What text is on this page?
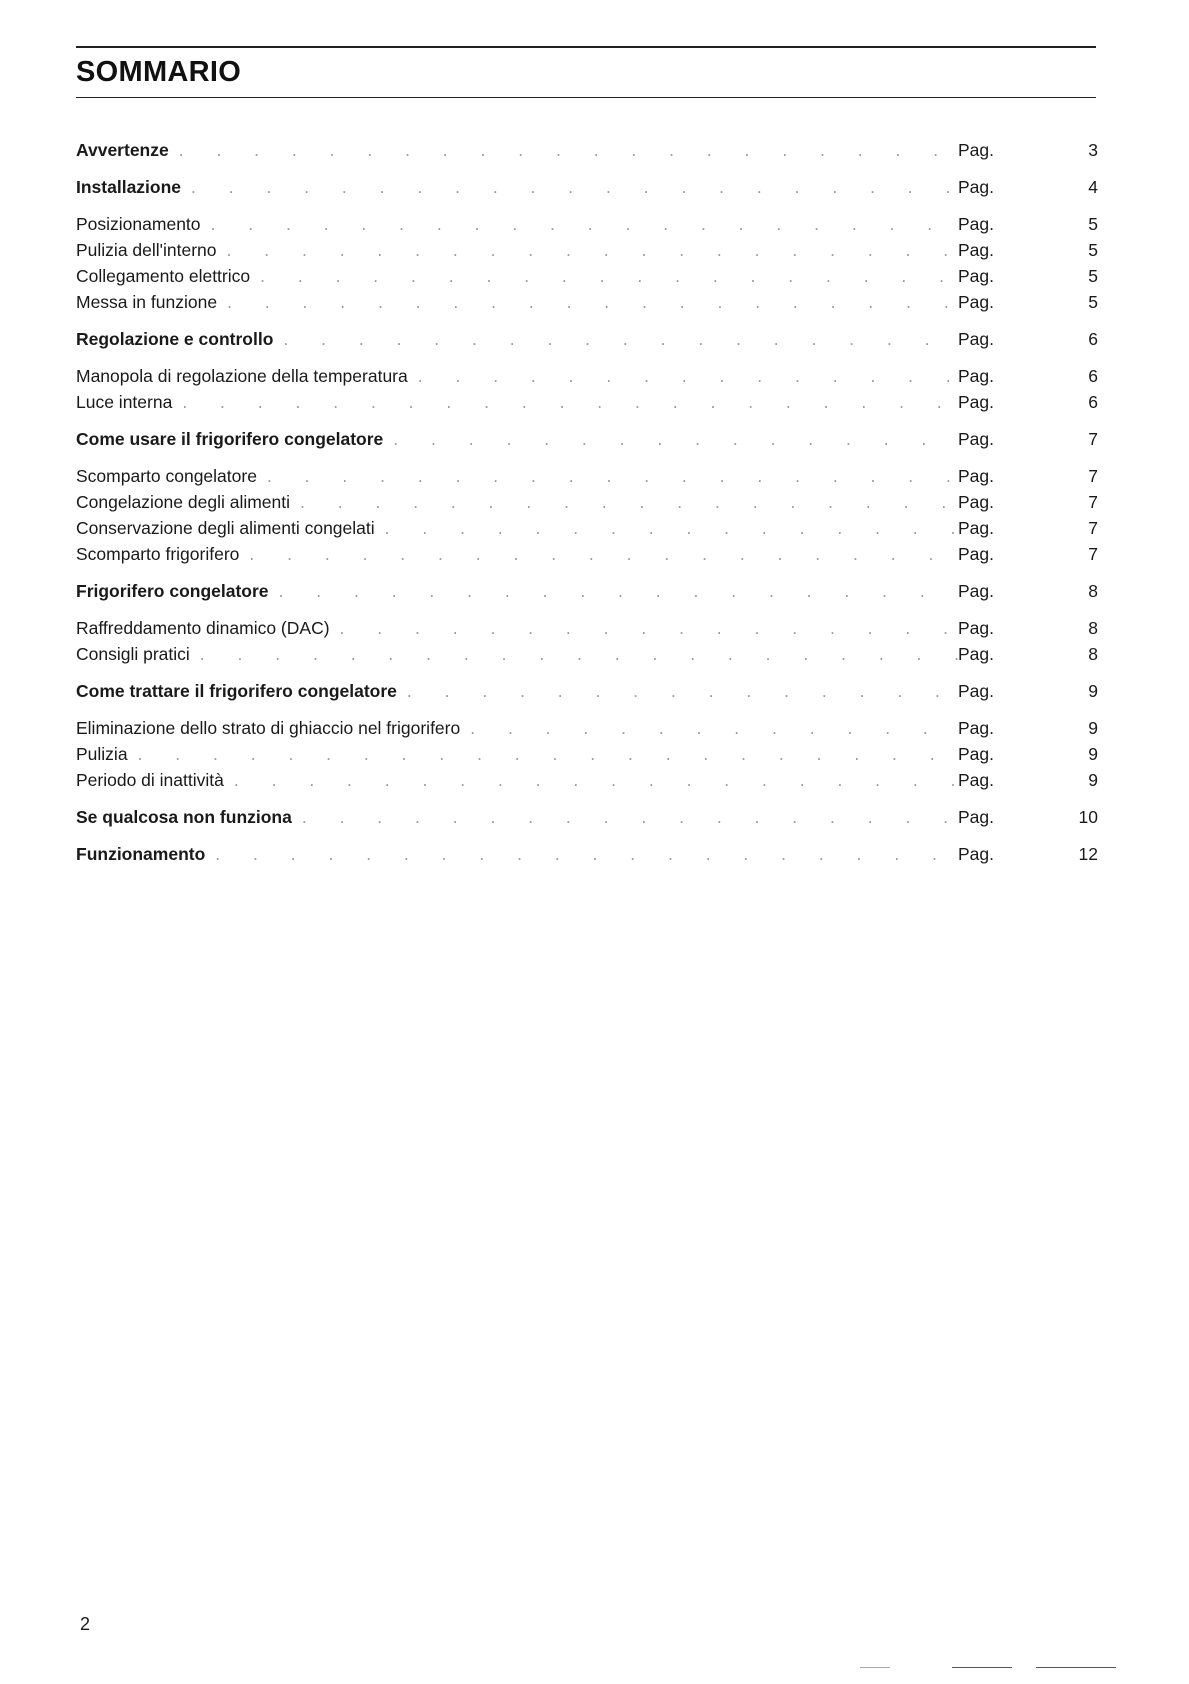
SOMMARIO
Avvertenze . . .	Pag.	3
Installazione . . .	Pag.	4
Posizionamento . . .	Pag.	5
Pulizia dell'interno . . .	Pag.	5
Collegamento elettrico . . .	Pag.	5
Messa in funzione . . .	Pag.	5
Regolazione e controllo . . .	Pag.	6
Manopola di regolazione della temperatura . . .	Pag.	6
Luce interna . . .	Pag.	6
Come usare il frigorifero congelatore . . .	Pag.	7
Scomparto congelatore . . .	Pag.	7
Congelazione degli alimenti . . .	Pag.	7
Conservazione degli alimenti congelati . . .	Pag.	7
Scomparto frigorifero . . .	Pag.	7
Frigorifero congelatore . . .	Pag.	8
Raffreddamento dinamico (DAC) . . .	Pag.	8
Consigli pratici . . .	Pag.	8
Come trattare il frigorifero congelatore . . .	Pag.	9
Eliminazione dello strato di ghiaccio nel frigorifero . . .	Pag.	9
Pulizia . . .	Pag.	9
Periodo di inattività . . .	Pag.	9
Se qualcosa non funziona . . .	Pag.	10
Funzionamento . . .	Pag.	12
2
